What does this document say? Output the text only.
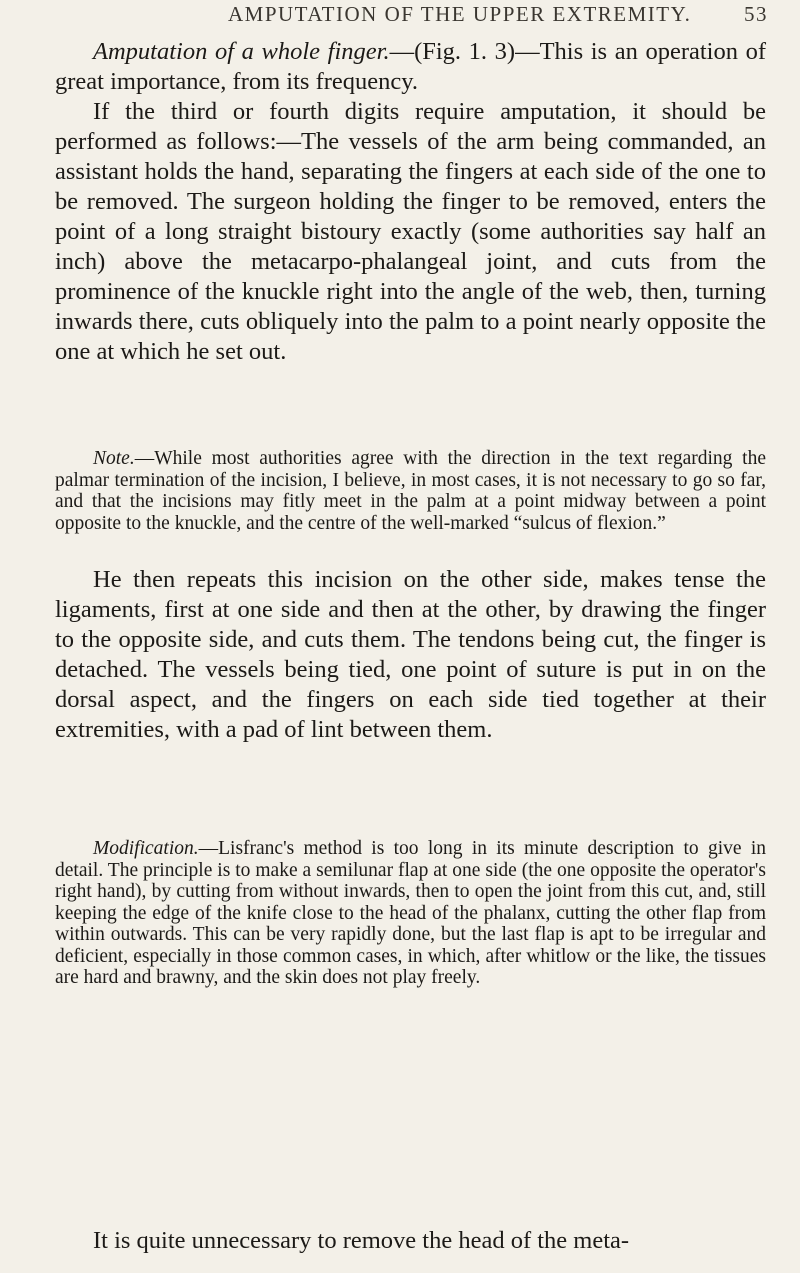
AMPUTATION OF THE UPPER EXTREMITY.	53

Amputation of a whole finger.—(Fig. 1. 3)—This is an operation of great importance, from its frequency.

If the third or fourth digits require amputation, it should be performed as follows:—The vessels of the arm being commanded, an assistant holds the hand, separating the fingers at each side of the one to be removed. The surgeon holding the finger to be removed, enters the point of a long straight bistoury exactly (some authorities say half an inch) above the metacarpo-phalangeal joint, and cuts from the prominence of the knuckle right into the angle of the web, then, turning inwards there, cuts obliquely into the palm to a point nearly opposite the one at which he set out.

Note.—While most authorities agree with the direction in the text regarding the palmar termination of the incision, I believe, in most cases, it is not necessary to go so far, and that the incisions may fitly meet in the palm at a point midway between a point opposite to the knuckle, and the centre of the well-marked “sulcus of flexion.”

He then repeats this incision on the other side, makes tense the ligaments, first at one side and then at the other, by drawing the finger to the opposite side, and cuts them. The tendons being cut, the finger is detached. The vessels being tied, one point of suture is put in on the dorsal aspect, and the fingers on each side tied together at their extremities, with a pad of lint between them.

Modification.—Lisfranc's method is too long in its minute description to give in detail. The principle is to make a semilunar flap at one side (the one opposite the operator's right hand), by cutting from without inwards, then to open the joint from this cut, and, still keeping the edge of the knife close to the head of the phalanx, cutting the other flap from within outwards. This can be very rapidly done, but the last flap is apt to be irregular and deficient, especially in those common cases, in which, after whitlow or the like, the tissues are hard and brawny, and the skin does not play freely.

It is quite unnecessary to remove the head of the meta-
